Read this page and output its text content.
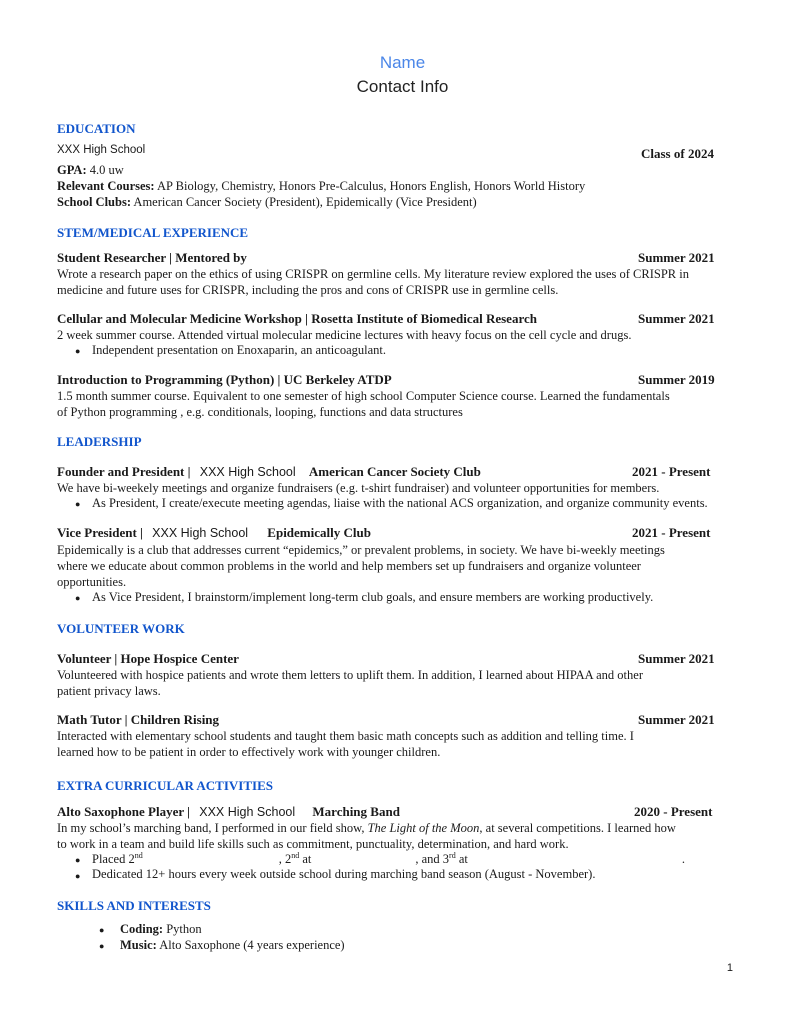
Name
Contact Info
EDUCATION
XXX High School	Class of 2024
GPA: 4.0 uw
Relevant Courses: AP Biology, Chemistry, Honors Pre-Calculus, Honors English, Honors World History
School Clubs: American Cancer Society (President), Epidemically (Vice President)
STEM/MEDICAL EXPERIENCE
Student Researcher | Mentored by	Summer 2021
Wrote a research paper on the ethics of using CRISPR on germline cells. My literature review explored the uses of CRISPR in
medicine and future uses for CRISPR, including the pros and cons of CRISPR use in germline cells.
Cellular and Molecular Medicine Workshop | Rosetta Institute of Biomedical Research	Summer 2021
2 week summer course. Attended virtual molecular medicine lectures with heavy focus on the cell cycle and drugs.
● Independent presentation on Enoxaparin, an anticoagulant.
Introduction to Programming (Python) | UC Berkeley ATDP	Summer 2019
1.5 month summer course. Equivalent to one semester of high school Computer Science course. Learned the fundamentals
of Python programming , e.g. conditionals, looping, functions and data structures
LEADERSHIP
Founder and President | XXX High School American Cancer Society Club	2021 - Present
We have bi-weekely meetings and organize fundraisers (e.g. t-shirt fundraiser) and volunteer opportunities for members.
● As President, I create/execute meeting agendas, liaise with the national ACS organization, and organize community events.
Vice President | XXX High School Epidemically Club	2021 - Present
Epidemically is a club that addresses current “epidemics,” or prevalent problems, in society. We have bi-weekly meetings
where we educate about common problems in the world and help members set up fundraisers and organize volunteer
opportunities.
● As Vice President, I brainstorm/implement long-term club goals, and ensure members are working productively.
VOLUNTEER WORK
Volunteer | Hope Hospice Center	Summer 2021
Volunteered with hospice patients and wrote them letters to uplift them. In addition, I learned about HIPAA and other
patient privacy laws.
Math Tutor | Children Rising	Summer 2021
Interacted with elementary school students and taught them basic math concepts such as addition and telling time. I
learned how to be patient in order to effectively work with younger children.
EXTRA CURRICULAR ACTIVITIES
Alto Saxophone Player | XXX High School Marching Band	2020 - Present
In my school’s marching band, I performed in our field show, The Light of the Moon, at several competitions. I learned how
to work in a team and build life skills such as commitment, punctuality, determination, and hard work.
● Placed 2nd	, 2nd at	, and 3rd at	.
● Dedicated 12+ hours every week outside school during marching band season (August - November).
SKILLS AND INTERESTS
● Coding: Python
● Music: Alto Saxophone (4 years experience)
1
